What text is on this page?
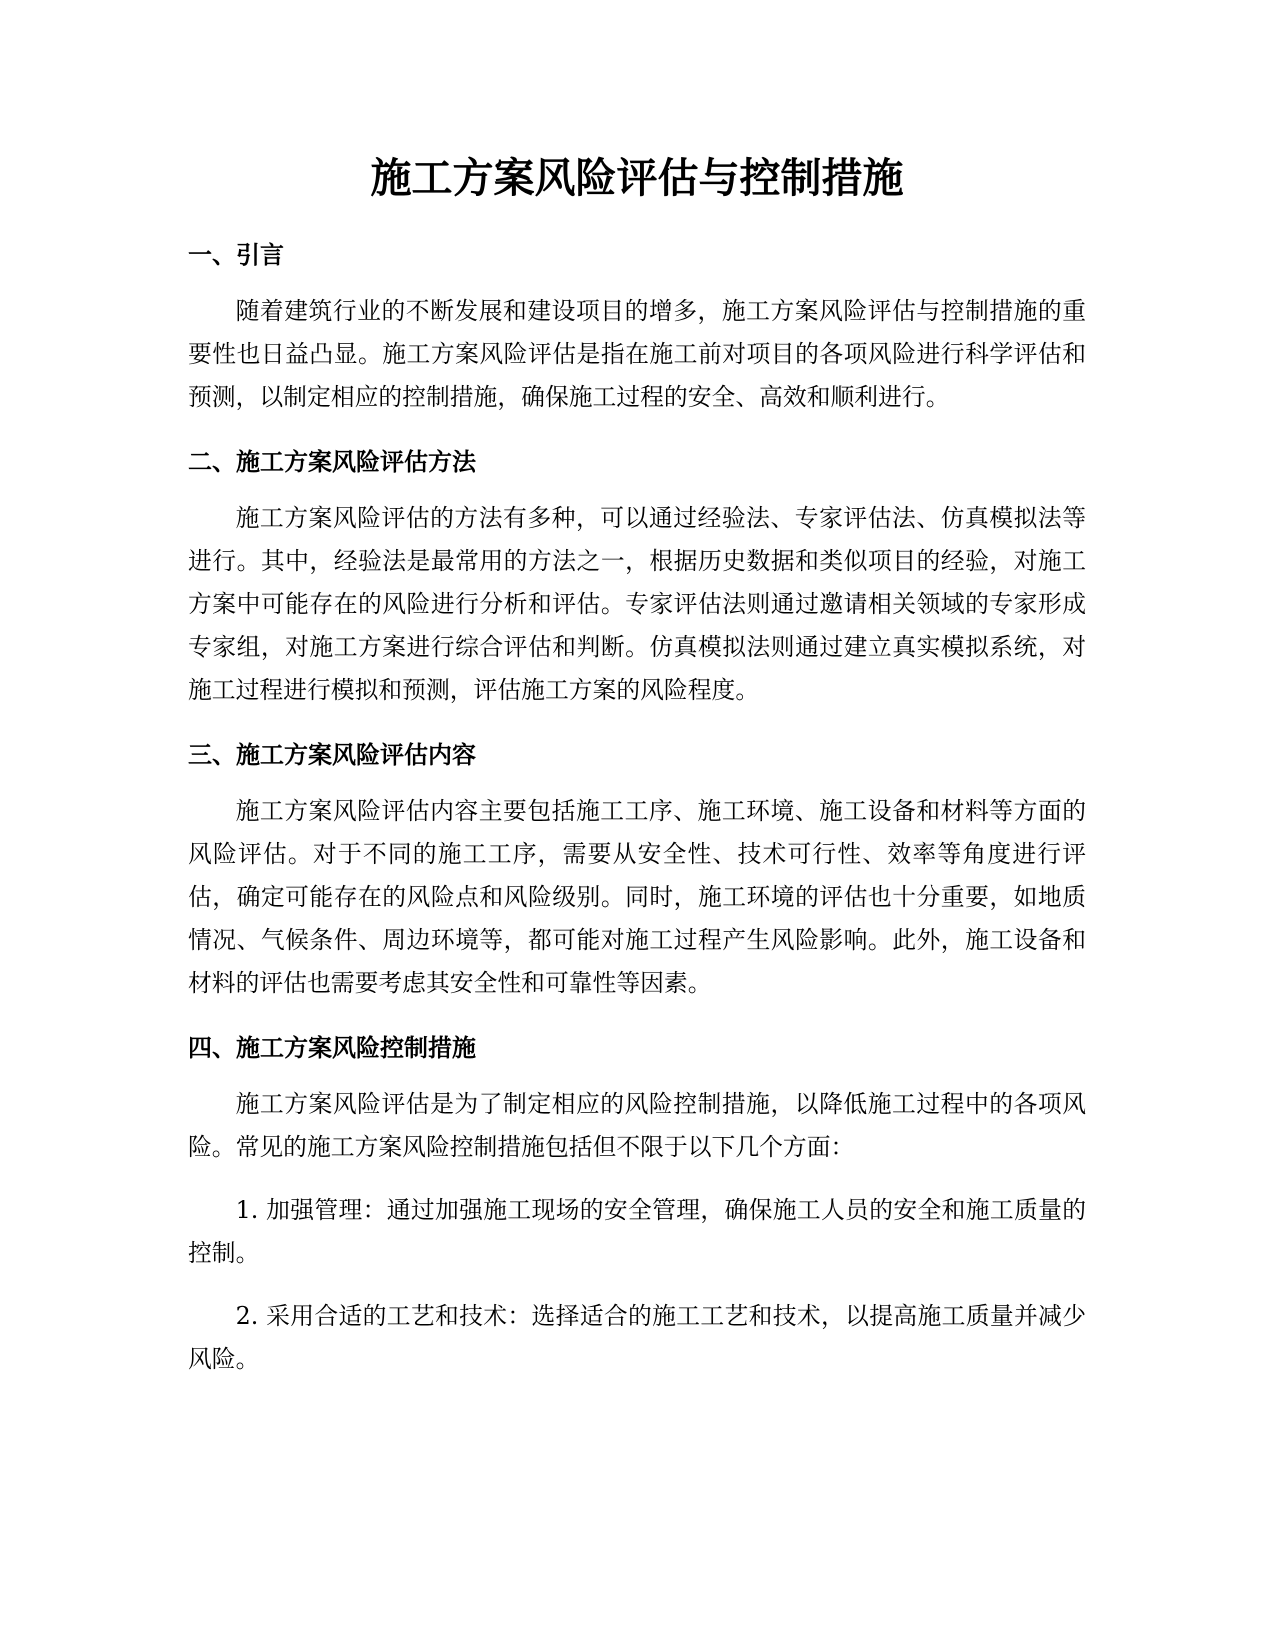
施工方案风险评估与控制措施
一、引言

随着建筑行业的不断发展和建设项目的增多，施工方案风险评估与控制措施的重要性也日益凸显。施工方案风险评估是指在施工前对项目的各项风险进行科学评估和预测，以制定相应的控制措施，确保施工过程的安全、高效和顺利进行。

二、施工方案风险评估方法

施工方案风险评估的方法有多种，可以通过经验法、专家评估法、仿真模拟法等进行。其中，经验法是最常用的方法之一，根据历史数据和类似项目的经验，对施工方案中可能存在的风险进行分析和评估。专家评估法则通过邀请相关领域的专家形成专家组，对施工方案进行综合评估和判断。仿真模拟法则通过建立真实模拟系统，对施工过程进行模拟和预测，评估施工方案的风险程度。

三、施工方案风险评估内容

施工方案风险评估内容主要包括施工工序、施工环境、施工设备和材料等方面的风险评估。对于不同的施工工序，需要从安全性、技术可行性、效率等角度进行评估，确定可能存在的风险点和风险级别。同时，施工环境的评估也十分重要，如地质情况、气候条件、周边环境等，都可能对施工过程产生风险影响。此外，施工设备和材料的评估也需要考虑其安全性和可靠性等因素。

四、施工方案风险控制措施

施工方案风险评估是为了制定相应的风险控制措施，以降低施工过程中的各项风险。常见的施工方案风险控制措施包括但不限于以下几个方面：

1. 加强管理：通过加强施工现场的安全管理，确保施工人员的安全和施工质量的控制。

2. 采用合适的工艺和技术：选择适合的施工工艺和技术，以提高施工质量并减少风险。
